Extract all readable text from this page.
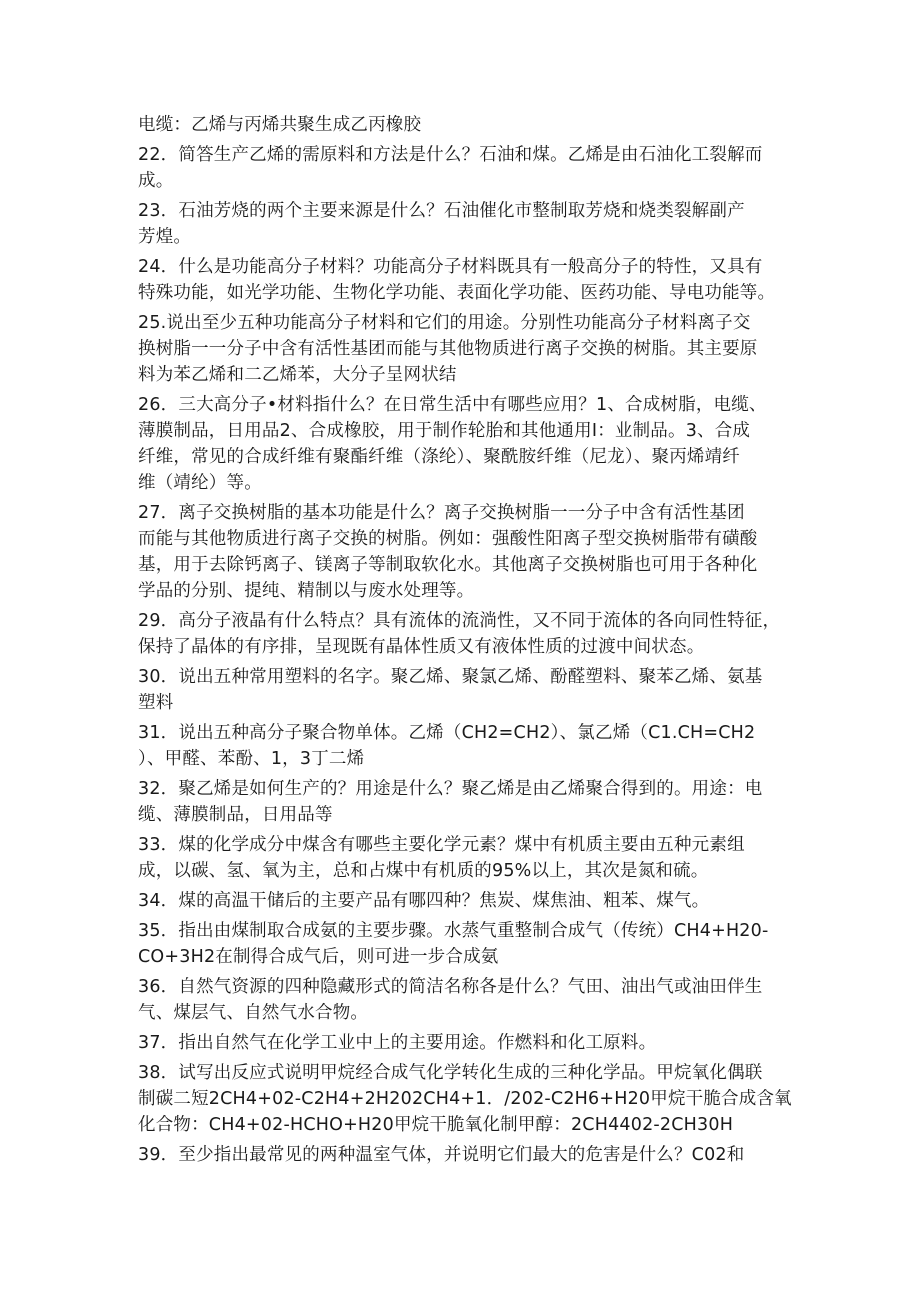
电缆：乙烯与丙烯共聚生成乙丙橡胶
22．简答生产乙烯的需原料和方法是什么？石油和煤。乙烯是由石油化工裂解而
成。
23．石油芳烧的两个主要来源是什么？石油催化市整制取芳烧和烧类裂解副产
芳煌。
24．什么是功能高分子材料？功能高分子材料既具有一般高分子的特性，又具有
特殊功能，如光学功能、生物化学功能、表面化学功能、医药功能、导电功能等。
25.说出至少五种功能高分子材料和它们的用途。分别性功能高分子材料离子交
换树脂一一分子中含有活性基团而能与其他物质进行离子交换的树脂。其主要原
料为苯乙烯和二乙烯苯，大分子呈网状结
26．三大高分子•材料指什么？在日常生活中有哪些应用？1、合成树脂，电缆、
薄膜制品，日用品2、合成橡胶，用于制作轮胎和其他通用I：业制品。3、合成
纤维，常见的合成纤维有聚酯纤维（涤纶）、聚酰胺纤维（尼龙）、聚丙烯靖纤
维（靖纶）等。
27．离子交换树脂的基本功能是什么？离子交换树脂一一分子中含有活性基团
而能与其他物质进行离子交换的树脂。例如：强酸性阳离子型交换树脂带有磺酸
基，用于去除钙离子、镁离子等制取软化水。其他离子交换树脂也可用于各种化
学品的分别、提纯、精制以与废水处理等。
29．高分子液晶有什么特点？具有流体的流淌性，又不同于流体的各向同性特征，
保持了晶体的有序排，呈现既有晶体性质又有液体性质的过渡中间状态。
30．说出五种常用塑料的名字。聚乙烯、聚氯乙烯、酚醛塑料、聚苯乙烯、氨基
塑料
31．说出五种高分子聚合物单体。乙烯（CH2=CH2）、氯乙烯（C1.CH=CH2
）、甲醛、苯酚、1，3丁二烯
32．聚乙烯是如何生产的？用途是什么？聚乙烯是由乙烯聚合得到的。用途：电
缆、薄膜制品，日用品等
33．煤的化学成分中煤含有哪些主要化学元素？煤中有机质主要由五种元素组
成，以碳、氢、氧为主，总和占煤中有机质的95%以上，其次是氮和硫。
34．煤的高温干储后的主要产品有哪四种？焦炭、煤焦油、粗苯、煤气。
35．指出由煤制取合成氨的主要步骤。水蒸气重整制合成气（传统）CH4+H20-
CO+3H2在制得合成气后，则可进一步合成氨
36．自然气资源的四种隐藏形式的简洁名称各是什么？气田、油出气或油田伴生
气、煤层气、自然气水合物。
37．指出自然气在化学工业中上的主要用途。作燃料和化工原料。
38．试写出反应式说明甲烷经合成气化学转化生成的三种化学品。甲烷氧化偶联
制碳二短2CH4+02-C2H4+2H202CH4+1．/202-C2H6+H20甲烷干脆合成含氧
化合物：CH4+02-HCHO+H20甲烷干脆氧化制甲醇：2CH4402-2CH30H
39．至少指出最常见的两种温室气体，并说明它们最大的危害是什么？C02和
